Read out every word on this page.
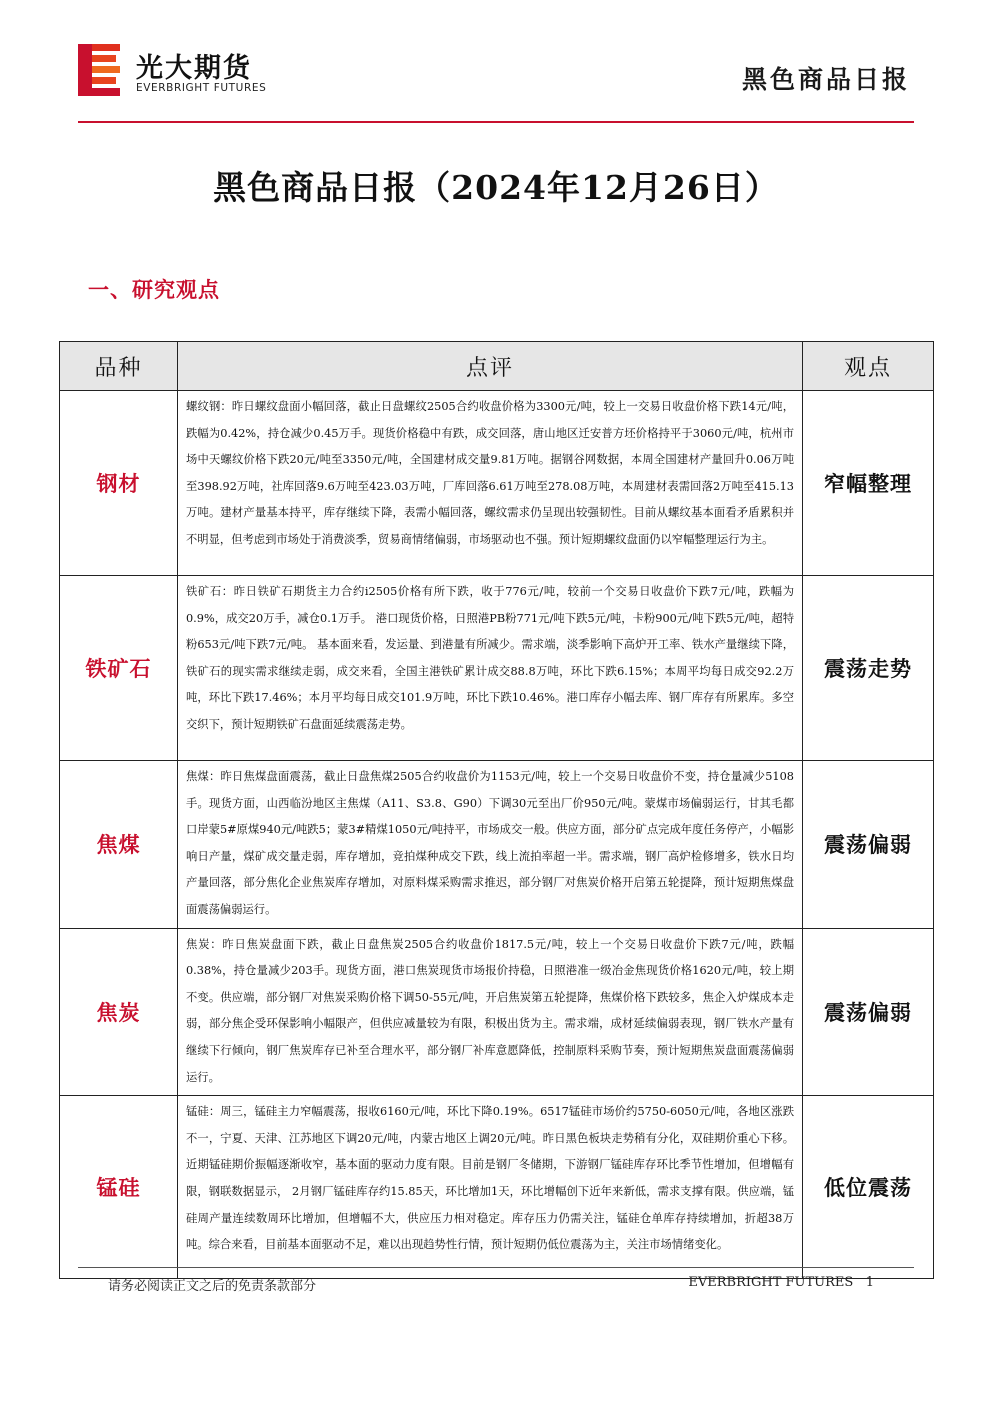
光大期货
EVERBRIGHT FUTURES	黑色商品日报
黑色商品日报（2024年12月26日）
一、研究观点
品种	点评	观点
钢材	螺纹钢：昨日螺纹盘面小幅回落，截止日盘螺纹2505合约收盘价格为3300元/吨，较上一交易日收盘价格下跌14元/吨，跌幅为0.42%，持仓减少0.45万手。现货价格稳中有跌，成交回落，唐山地区迁安普方坯价格持平于3060元/吨，杭州市场中天螺纹价格下跌20元/吨至3350元/吨，全国建材成交量9.81万吨。据钢谷网数据，本周全国建材产量回升0.06万吨至398.92万吨，社库回落9.6万吨至423.03万吨，厂库回落6.61万吨至278.08万吨，本周建材表需回落2万吨至415.13万吨。建材产量基本持平，库存继续下降，表需小幅回落，螺纹需求仍呈现出较强韧性。目前从螺纹基本面看矛盾累积并不明显，但考虑到市场处于消费淡季，贸易商情绪偏弱，市场驱动也不强。预计短期螺纹盘面仍以窄幅整理运行为主。	窄幅整理
铁矿石	铁矿石：昨日铁矿石期货主力合约i2505价格有所下跌，收于776元/吨，较前一个交易日收盘价下跌7元/吨，跌幅为0.9%，成交20万手，减仓0.1万手。 港口现货价格，日照港PB粉771元/吨下跌5元/吨，卡粉900元/吨下跌5元/吨，超特粉653元/吨下跌7元/吨。 基本面来看，发运量、到港量有所减少。需求端，淡季影响下高炉开工率、铁水产量继续下降，铁矿石的现实需求继续走弱，成交来看，全国主港铁矿累计成交88.8万吨，环比下跌6.15%；本周平均每日成交92.2万吨，环比下跌17.46%；本月平均每日成交101.9万吨，环比下跌10.46%。港口库存小幅去库、钢厂库存有所累库。多空交织下，预计短期铁矿石盘面延续震荡走势。	震荡走势
焦煤	焦煤：昨日焦煤盘面震荡，截止日盘焦煤2505合约收盘价为1153元/吨，较上一个交易日收盘价不变，持仓量减少5108手。现货方面，山西临汾地区主焦煤（A11、S3.8、G90）下调30元至出厂价950元/吨。蒙煤市场偏弱运行，甘其毛都口岸蒙5#原煤940元/吨跌5；蒙3#精煤1050元/吨持平，市场成交一般。供应方面，部分矿点完成年度任务停产，小幅影响日产量，煤矿成交量走弱，库存增加，竞拍煤种成交下跌，线上流拍率超一半。需求端，钢厂高炉检修增多，铁水日均产量回落，部分焦化企业焦炭库存增加，对原料煤采购需求推迟，部分钢厂对焦炭价格开启第五轮提降，预计短期焦煤盘面震荡偏弱运行。	震荡偏弱
焦炭	焦炭：昨日焦炭盘面下跌，截止日盘焦炭2505合约收盘价1817.5元/吨，较上一个交易日收盘价下跌7元/吨，跌幅0.38%，持仓量减少203手。现货方面，港口焦炭现货市场报价持稳，日照港准一级冶金焦现货价格1620元/吨，较上期不变。供应端，部分钢厂对焦炭采购价格下调50-55元/吨，开启焦炭第五轮提降，焦煤价格下跌较多，焦企入炉煤成本走弱，部分焦企受环保影响小幅限产，但供应减量较为有限，积极出货为主。需求端，成材延续偏弱表现，钢厂铁水产量有继续下行倾向，钢厂焦炭库存已补至合理水平，部分钢厂补库意愿降低，控制原料采购节奏，预计短期焦炭盘面震荡偏弱运行。	震荡偏弱
锰硅	锰硅：周三，锰硅主力窄幅震荡，报收6160元/吨，环比下降0.19%。6517锰硅市场价约5750-6050元/吨，各地区涨跌不一，宁夏、天津、江苏地区下调20元/吨，内蒙古地区上调20元/吨。昨日黑色板块走势稍有分化，双硅期价重心下移。近期锰硅期价振幅逐渐收窄，基本面的驱动力度有限。目前是钢厂冬储期，下游钢厂锰硅库存环比季节性增加，但增幅有限，钢联数据显示， 2月钢厂锰硅库存约15.85天，环比增加1天，环比增幅创下近年来新低，需求支撑有限。供应端，锰硅周产量连续数周环比增加，但增幅不大，供应压力相对稳定。库存压力仍需关注，锰硅仓单库存持续增加，折超38万吨。综合来看，目前基本面驱动不足，难以出现趋势性行情，预计短期仍低位震荡为主，关注市场情绪变化。	低位震荡
请务必阅读正文之后的免责条款部分	EVERBRIGHT FUTURES 1
